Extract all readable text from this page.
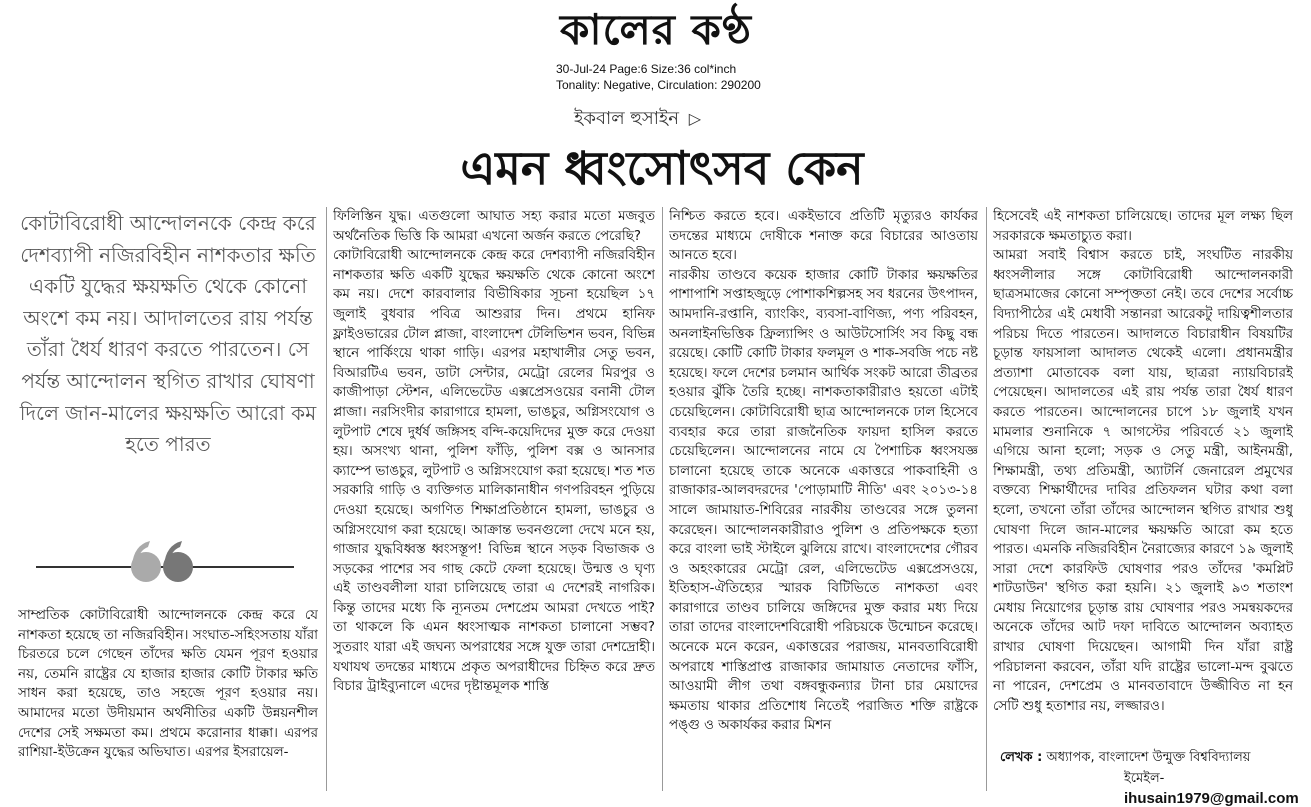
কালের কণ্ঠ
30-Jul-24 Page:6 Size:36 col*inch
Tonality: Negative, Circulation: 290200
ইকবাল হুসাইন ▷
এমন ধ্বংসোৎসব কেন
কোটাবিরোধী আন্দোলনকে কেন্দ্র করে দেশব্যাপী নজিরবিহীন নাশকতার ক্ষতি একটি যুদ্ধের ক্ষয়ক্ষতি থেকে কোনো অংশে কম নয়। আদালতের রায় পর্যন্ত তাঁরা ধৈর্য ধারণ করতে পারতেন। সে পর্যন্ত আন্দোলন স্থগিত রাখার ঘোষণা দিলে জান-মালের ক্ষয়ক্ষতি আরো কম হতে পারত

সাম্প্রতিক কোটাবিরোধী আন্দোলনকে কেন্দ্র করে যে নাশকতা হয়েছে তা নজিরবিহীন। সংঘাত-সহিংসতায় যাঁরা চিরতরে চলে গেছেন তাঁদের ক্ষতি যেমন পূরণ হওয়ার নয়, তেমনি রাষ্ট্রের যে হাজার হাজার কোটি টাকার ক্ষতি সাধন করা হয়েছে, তাও সহজে পূরণ হওয়ার নয়। আমাদের মতো উদীয়মান অর্থনীতির একটি উন্নয়নশীল দেশের সেই সক্ষমতা কম। প্রথমে করোনার ধাক্কা। এরপর রাশিয়া-ইউক্রেন যুদ্ধের অভিঘাত। এরপর ইসরায়েল-

ফিলিস্তিন যুদ্ধ। এতগুলো আঘাত সহ্য করার মতো মজবুত অর্থনৈতিক ভিত্তি কি আমরা এখনো অর্জন করতে পেরেছি?

কোটাবিরোধী আন্দোলনকে কেন্দ্র করে দেশব্যাপী নজিরবিহীন নাশকতার ক্ষতি একটি যুদ্ধের ক্ষয়ক্ষতি থেকে কোনো অংশে কম নয়। দেশে কারবালার বিভীষিকার সূচনা হয়েছিল ১৭ জুলাই বুধবার পবিত্র আশুরার দিন। প্রথমে হানিফ ফ্লাইওভারের টোল প্লাজা, বাংলাদেশ টেলিভিশন ভবন, বিভিন্ন স্থানে পার্কিংয়ে থাকা গাড়ি। এরপর মহাখালীর সেতু ভবন, বিআরটিএ ভবন, ডাটা সেন্টার, মেট্রো রেলের মিরপুর ও কাজীপাড়া স্টেশন, এলিভেটেড এক্সপ্রেসওয়ের বনানী টোল প্লাজা। নরসিংদীর কারাগারে হামলা, ভাঙচুর, অগ্নিসংযোগ ও লুটপাট শেষে দুর্ধর্ষ জঙ্গিসহ বন্দি-কয়েদিদের মুক্ত করে দেওয়া হয়। অসংখ্য থানা, পুলিশ ফাঁড়ি, পুলিশ বক্স ও আনসার ক্যাম্পে ভাঙচুর, লুটপাট ও অগ্নিসংযোগ করা হয়েছে। শত শত সরকারি গাড়ি ও ব্যক্তিগত মালিকানাধীন গণপরিবহন পুড়িয়ে দেওয়া হয়েছে। অগণিত শিক্ষাপ্রতিষ্ঠানে হামলা, ভাঙচুর ও অগ্নিসংযোগ করা হয়েছে। আক্রান্ত ভবনগুলো দেখে মনে হয়, গাজার যুদ্ধবিধ্বস্ত ধ্বংসস্তূপ! বিভিন্ন স্থানে সড়ক বিভাজক ও সড়কের পাশের সব গাছ কেটে ফেলা হয়েছে। উন্মত্ত ও ঘৃণ্য এই তাণ্ডবলীলা যারা চালিয়েছে তারা এ দেশেরই নাগরিক। কিন্তু তাদের মধ্যে কি ন্যূনতম দেশপ্রেম আমরা দেখতে পাই? তা থাকলে কি এমন ধ্বংসাত্মক নাশকতা চালানো সম্ভব? সুতরাং যারা এই জঘন্য অপরাধের সঙ্গে যুক্ত তারা দেশদ্রোহী। যথাযথ তদন্তের মাধ্যমে প্রকৃত অপরাধীদের চিহ্নিত করে দ্রুত বিচার ট্রাইব্যুনালে এদের দৃষ্টান্তমূলক শাস্তি

নিশ্চিত করতে হবে। একইভাবে প্রতিটি মৃত্যুরও কার্যকর তদন্তের মাধ্যমে দোষীকে শনাক্ত করে বিচারের আওতায় আনতে হবে।

নারকীয় তাণ্ডবে কয়েক হাজার কোটি টাকার ক্ষয়ক্ষতির পাশাপাশি সপ্তাহজুড়ে পোশাকশিল্পসহ সব ধরনের উৎপাদন, আমদানি-রপ্তানি, ব্যাংকিং, ব্যবসা-বাণিজ্য, পণ্য পরিবহন, অনলাইনভিত্তিক ফ্রিল্যান্সিং ও আউটসোর্সিং সব কিছু বন্ধ রয়েছে। কোটি কোটি টাকার ফলমূল ও শাক-সবজি পচে নষ্ট হয়েছে। ফলে দেশের চলমান আর্থিক সংকট আরো তীব্রতর হওয়ার ঝুঁকি তৈরি হচ্ছে। নাশকতাকারীরাও হয়তো এটাই চেয়েছিলেন। কোটাবিরোধী ছাত্র আন্দোলনকে ঢাল হিসেবে ব্যবহার করে তারা রাজনৈতিক ফায়দা হাসিল করতে চেয়েছিলেন। আন্দোলনের নামে যে পৈশাচিক ধ্বংসযজ্ঞ চালানো হয়েছে তাকে অনেকে একাত্তরে পাকবাহিনী ও রাজাকার-আলবদরদের 'পোড়ামাটি নীতি' এবং ২০১৩-১৪ সালে জামায়াত-শিবিরের নারকীয় তাণ্ডবের সঙ্গে তুলনা করেছেন। আন্দোলনকারীরাও পুলিশ ও প্রতিপক্ষকে হত্যা করে বাংলা ভাই স্টাইলে ঝুলিয়ে রাখে। বাংলাদেশের গৌরব ও অহংকারের মেট্রো রেল, এলিভেটেড এক্সপ্রেসওয়ে, ইতিহাস-ঐতিহ্যের স্মারক বিটিভিতে নাশকতা এবং কারাগারে তাণ্ডব চালিয়ে জঙ্গিদের মুক্ত করার মধ্য দিয়ে তারা তাদের বাংলাদেশবিরোধী পরিচয়কে উন্মোচন করেছে। অনেকে মনে করেন, একাত্তরের পরাজয়, মানবতাবিরোধী অপরাধে শাস্তিপ্রাপ্ত রাজাকার জামায়াত নেতাদের ফাঁসি, আওয়ামী লীগ তথা বঙ্গবন্ধুকন্যার টানা চার মেয়াদের ক্ষমতায় থাকার প্রতিশোধ নিতেই পরাজিত শক্তি রাষ্ট্রকে পঙ্গু ও অকার্যকর করার মিশন

হিসেবেই এই নাশকতা চালিয়েছে। তাদের মূল লক্ষ্য ছিল সরকারকে ক্ষমতাচ্যুত করা।

আমরা সবাই বিশ্বাস করতে চাই, সংঘটিত নারকীয় ধ্বংসলীলার সঙ্গে কোটাবিরোধী আন্দোলনকারী ছাত্রসমাজের কোনো সম্পৃক্ততা নেই। তবে দেশের সর্বোচ্চ বিদ্যাপীঠের এই মেধাবী সন্তানরা আরেকটু দায়িত্বশীলতার পরিচয় দিতে পারতেন। আদালতে বিচারাধীন বিষয়টির চূড়ান্ত ফায়সালা আদালত থেকেই এলো। প্রধানমন্ত্রীর প্রত্যাশা মোতাবেক বলা যায়, ছাত্ররা ন্যায়বিচারই পেয়েছেন। আদালতের এই রায় পর্যন্ত তারা ধৈর্য ধারণ করতে পারতেন। আন্দোলনের চাপে ১৮ জুলাই যখন মামলার শুনানিকে ৭ আগস্টের পরিবর্তে ২১ জুলাই এগিয়ে আনা হলো; সড়ক ও সেতু মন্ত্রী, আইনমন্ত্রী, শিক্ষামন্ত্রী, তথ্য প্রতিমন্ত্রী, অ্যাটর্নি জেনারেল প্রমুখের বক্তব্যে শিক্ষার্থীদের দাবির প্রতিফলন ঘটার কথা বলা হলো, তখনো তাঁরা তাঁদের আন্দোলন স্থগিত রাখার শুধু ঘোষণা দিলে জান-মালের ক্ষয়ক্ষতি আরো কম হতে পারত। এমনকি নজিরবিহীন নৈরাজ্যের কারণে ১৯ জুলাই সারা দেশে কারফিউ ঘোষণার পরও তাঁদের 'কমপ্লিট শাটডাউন' স্থগিত করা হয়নি। ২১ জুলাই ৯৩ শতাংশ মেধায় নিয়োগের চূড়ান্ত রায় ঘোষণার পরও সমন্বয়কদের অনেকে তাঁদের আট দফা দাবিতে আন্দোলন অব্যাহত রাখার ঘোষণা দিয়েছেন। আগামী দিন যাঁরা রাষ্ট্র পরিচালনা করবেন, তাঁরা যদি রাষ্ট্রের ভালো-মন্দ বুঝতে না পারেন, দেশপ্রেম ও মানবতাবাদে উজ্জীবিত না হন সেটি শুধু হতাশার নয়, লজ্জারও।

লেখক : অধ্যাপক, বাংলাদেশ উন্মুক্ত বিশ্ববিদ্যালয়
ইমেইল- ihusain1979@gmail.com
